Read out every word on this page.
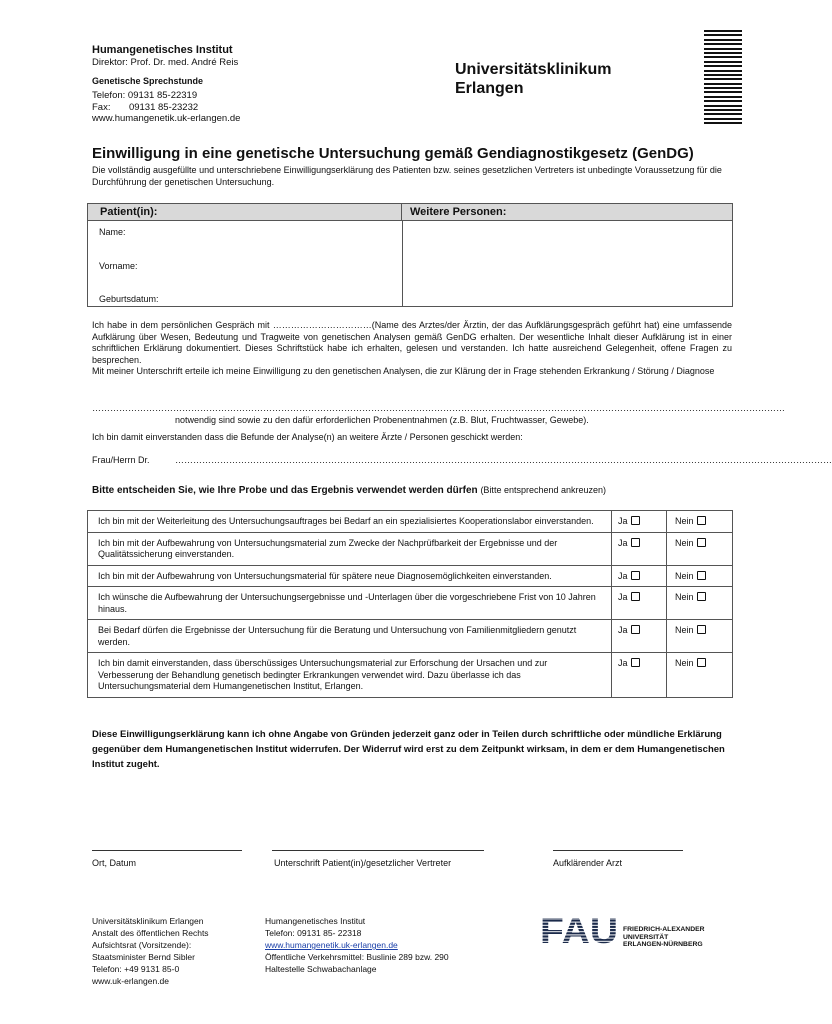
Humangenetisches Institut
Direktor: Prof. Dr. med. André Reis
Genetische Sprechstunde
Telefon: 09131 85-22319
Fax:       09131 85-23232
www.humangenetik.uk-erlangen.de
Universitätsklinikum
Erlangen
Einwilligung in eine genetische Untersuchung gemäß Gendiagnostikgesetz (GenDG)
Die vollständig ausgefüllte und unterschriebene Einwilligungserklärung des Patienten bzw. seines gesetzlichen Vertreters ist unbedingte Voraussetzung für die Durchführung der genetischen Untersuchung.
Patient(in):	Weitere Personen:
Name:
Vorname:
Geburtsdatum:
Ich habe in dem persönlichen Gespräch mit ……………………………(Name des Arztes/der Ärztin, der das Aufklärungsgespräch geführt hat) eine umfassende Aufklärung über Wesen, Bedeutung und Tragweite von genetischen Analysen gemäß GenDG erhalten. Der wesentliche Inhalt dieser Aufklärung ist in einer schriftlichen Erklärung dokumentiert. Dieses Schriftstück habe ich erhalten, gelesen und verstanden. Ich hatte ausreichend Gelegenheit, offene Fragen zu besprechen.
Mit meiner Unterschrift erteile ich meine Einwilligung zu den genetischen Analysen, die zur Klärung der in Frage stehenden Erkrankung / Störung / Diagnose
……………………………………………………………………………………………………………………………………………………………………………………………………………
notwendig sind sowie zu den dafür erforderlichen Probenentnahmen (z.B. Blut, Fruchtwasser, Gewebe).
Ich bin damit einverstanden dass die Befunde der Analyse(n) an weitere Ärzte / Personen geschickt werden:
Frau/Herrn Dr.	…………………………………………………………………………………………………………………………………………………………………………………………………
Bitte entscheiden Sie, wie Ihre Probe und das Ergebnis verwendet werden dürfen (Bitte entsprechend ankreuzen)
Ich bin mit der Weiterleitung des Untersuchungsauftrages bei Bedarf an ein spezialisiertes Kooperationslabor einverstanden.	Ja	Nein
Ich bin mit der Aufbewahrung von Untersuchungsmaterial zum Zwecke der Nachprüfbarkeit der Ergebnisse und der Qualitätssicherung einverstanden.	Ja	Nein
Ich bin mit der Aufbewahrung von Untersuchungsmaterial für spätere neue Diagnosemöglichkeiten einverstanden.	Ja	Nein
Ich wünsche die Aufbewahrung der Untersuchungsergebnisse und -Unterlagen über die vorgeschriebene Frist von 10 Jahren hinaus.	Ja	Nein
Bei Bedarf dürfen die Ergebnisse der Untersuchung für die Beratung und Untersuchung von Familienmitgliedern genutzt werden.	Ja	Nein
Ich bin damit einverstanden, dass überschüssiges Untersuchungsmaterial zur Erforschung der Ursachen und zur Verbesserung der Behandlung genetisch bedingter Erkrankungen verwendet wird. Dazu überlasse ich das Untersuchungsmaterial dem Humangenetischen Institut, Erlangen.	Ja	Nein
Diese Einwilligungserklärung kann ich ohne Angabe von Gründen jederzeit ganz oder in Teilen durch schriftliche oder mündliche Erklärung gegenüber dem Humangenetischen Institut widerrufen. Der Widerruf wird erst zu dem Zeitpunkt wirksam, in dem er dem Humangenetischen Institut zugeht.
Ort, Datum	Unterschrift Patient(in)/gesetzlicher Vertreter	Aufklärender Arzt
Universitätsklinikum Erlangen
Anstalt des öffentlichen Rechts
Aufsichtsrat (Vorsitzende):
Staatsminister Bernd Sibler
Telefon: +49 9131 85-0
www.uk-erlangen.de
Humangenetisches Institut
Telefon: 09131 85- 22318
www.humangenetik.uk-erlangen.de
Öffentliche Verkehrsmittel: Buslinie 289 bzw. 290
Haltestelle Schwabachanlage
FAU FRIEDRICH-ALEXANDER
UNIVERSITÄT
ERLANGEN-NÜRNBERG
